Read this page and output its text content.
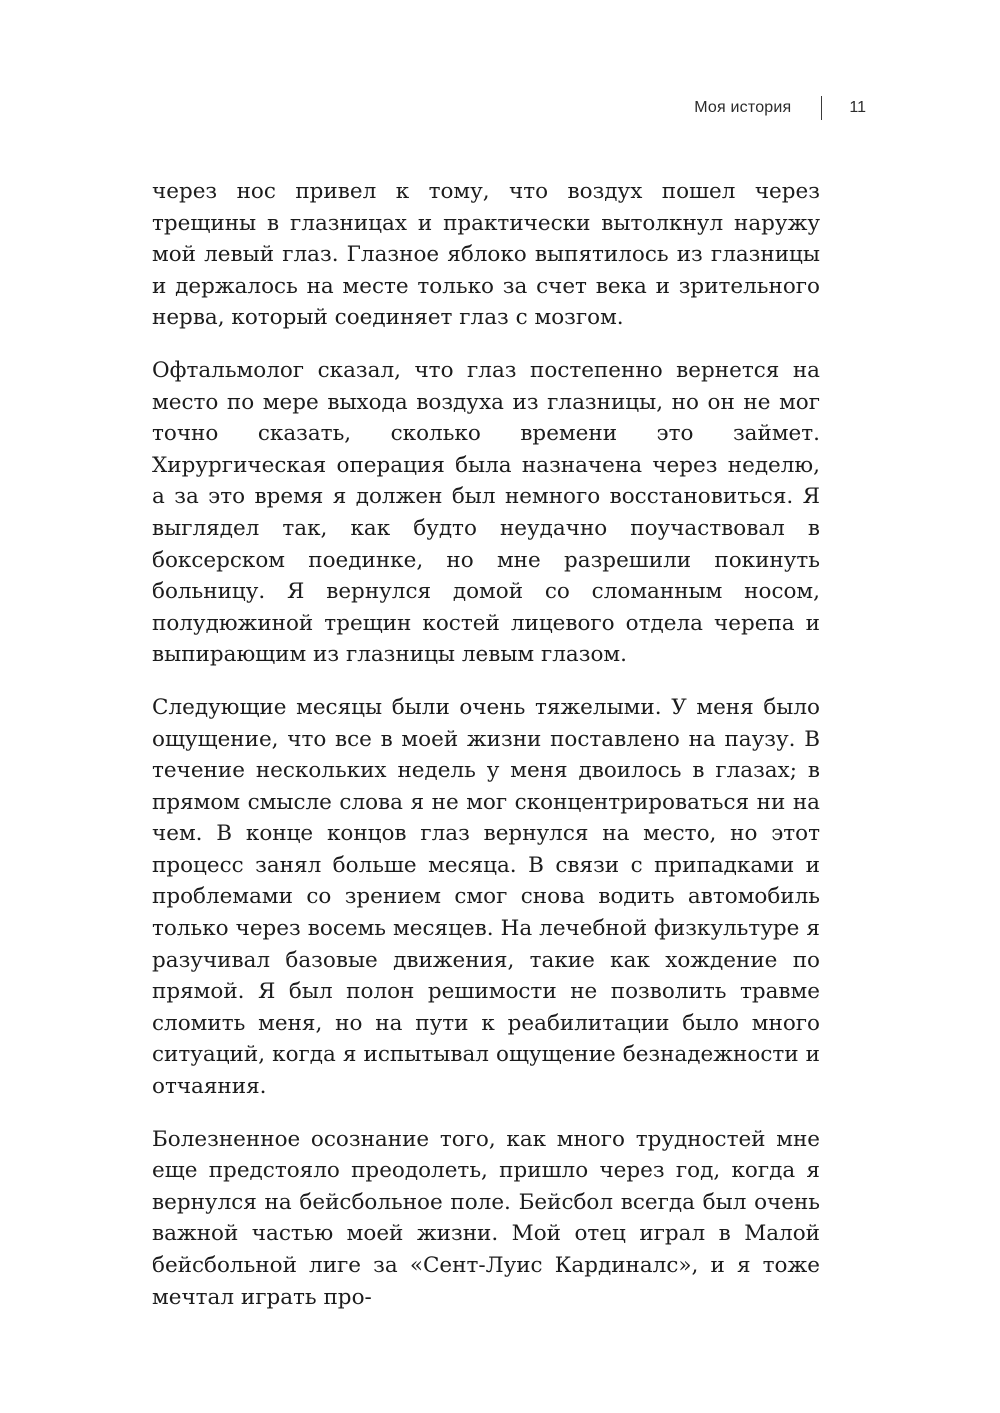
Моя история	11

через нос привел к тому, что воздух пошел через трещины в глазницах и практически вытолкнул наружу мой левый глаз. Глазное яблоко выпятилось из глазницы и держалось на месте только за счет века и зрительного нерва, который соединяет глаз с мозгом.

Офтальмолог сказал, что глаз постепенно вернется на место по мере выхода воздуха из глазницы, но он не мог точно сказать, сколько времени это займет. Хирургическая операция была назначена через неделю, а за это время я должен был немного восстановиться. Я выглядел так, как будто неудачно поучаствовал в боксерском поединке, но мне разрешили покинуть больницу. Я вернулся домой со сломанным носом, полудюжиной трещин костей лицевого отдела черепа и выпирающим из глазницы левым глазом.

Следующие месяцы были очень тяжелыми. У меня было ощущение, что все в моей жизни поставлено на паузу. В течение нескольких недель у меня двоилось в глазах; в прямом смысле слова я не мог сконцентрироваться ни на чем. В конце концов глаз вернулся на место, но этот процесс занял больше месяца. В связи с припадками и проблемами со зрением смог снова водить автомобиль только через восемь месяцев. На лечебной физкультуре я разучивал базовые движения, такие как хождение по прямой. Я был полон решимости не позволить травме сломить меня, но на пути к реабилитации было много ситуаций, когда я испытывал ощущение безнадежности и отчаяния.

Болезненное осознание того, как много трудностей мне еще предстояло преодолеть, пришло через год, когда я вернулся на бейсбольное поле. Бейсбол всегда был очень важной частью моей жизни. Мой отец играл в Малой бейсбольной лиге за «Сент-Луис Кардиналс», и я тоже мечтал играть про-
